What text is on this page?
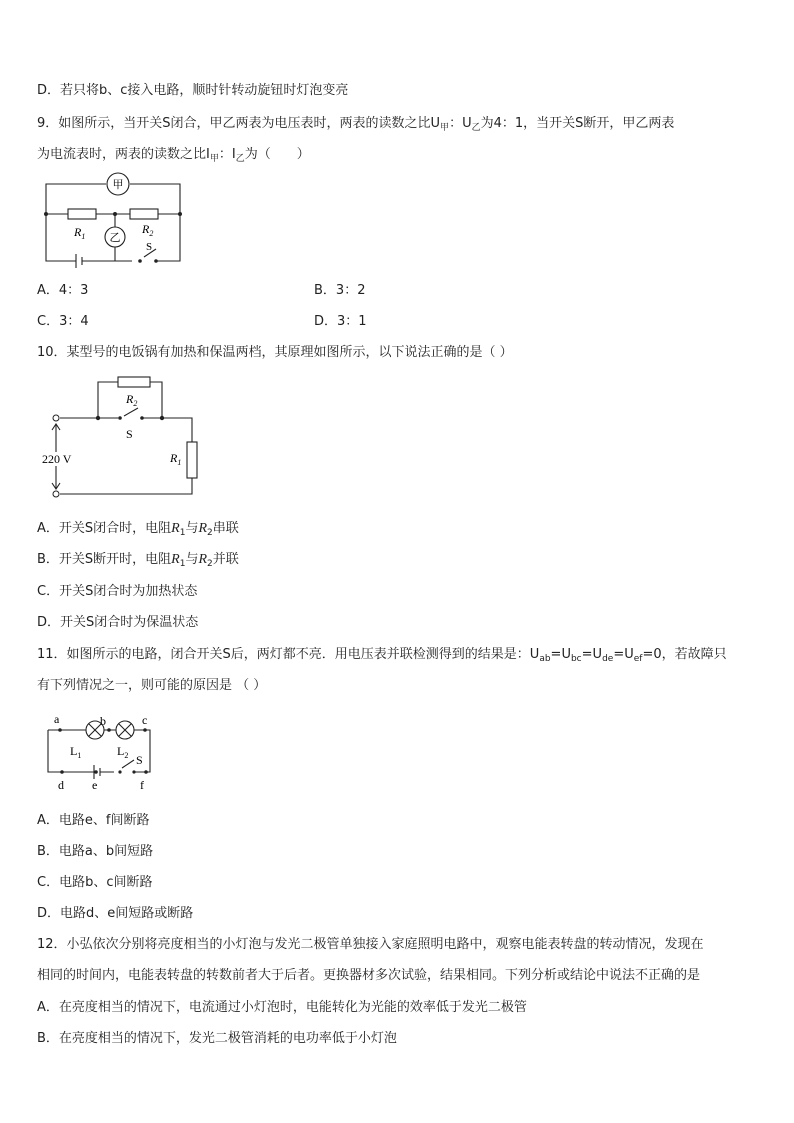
D．若只将b、c接入电路，顺时针转动旋钮时灯泡变亮
9．如图所示，当开关S闭合，甲乙两表为电压表时，两表的读数之比$U_甲$：$U_乙$为4：1，当开关S断开，甲乙两表
为电流表时，两表的读数之比$I_甲$：$I_乙$为（　　）
甲
乙
$R_1$
$R_2$
S
A．4：3	B．3：2
C．3：4	D．3：1
10．某型号的电饭锅有加热和保温两档，其原理如图所示，以下说法正确的是（ ）
220 V
$R_2$
S
$R_1$
A．开关S闭合时，电阻$R_1$与$R_2$串联
B．开关S断开时，电阻$R_1$与$R_2$并联
C．开关S闭合时为加热状态
D．开关S闭合时为保温状态
11．如图所示的电路，闭合开关S后，两灯都不亮．用电压表并联检测得到的结果是：$U_{ab}=U_{bc}=U_{de}=U_{ef}=0$，若故障只
有下列情况之一，则可能的原因是 （ ）
a	b	c
d e	f
$L_1$	$L_2$ S
A．电路e、f间断路
B．电路a、b间短路
C．电路b、c间断路
D．电路d、e间短路或断路
12．小弘依次分别将亮度相当的小灯泡与发光二极管单独接入家庭照明电路中，观察电能表转盘的转动情况，发现在
相同的时间内，电能表转盘的转数前者大于后者。更换器材多次试验，结果相同。下列分析或结论中说法不正确的是
A．在亮度相当的情况下，电流通过小灯泡时，电能转化为光能的效率低于发光二极管
B．在亮度相当的情况下，发光二极管消耗的电功率低于小灯泡
